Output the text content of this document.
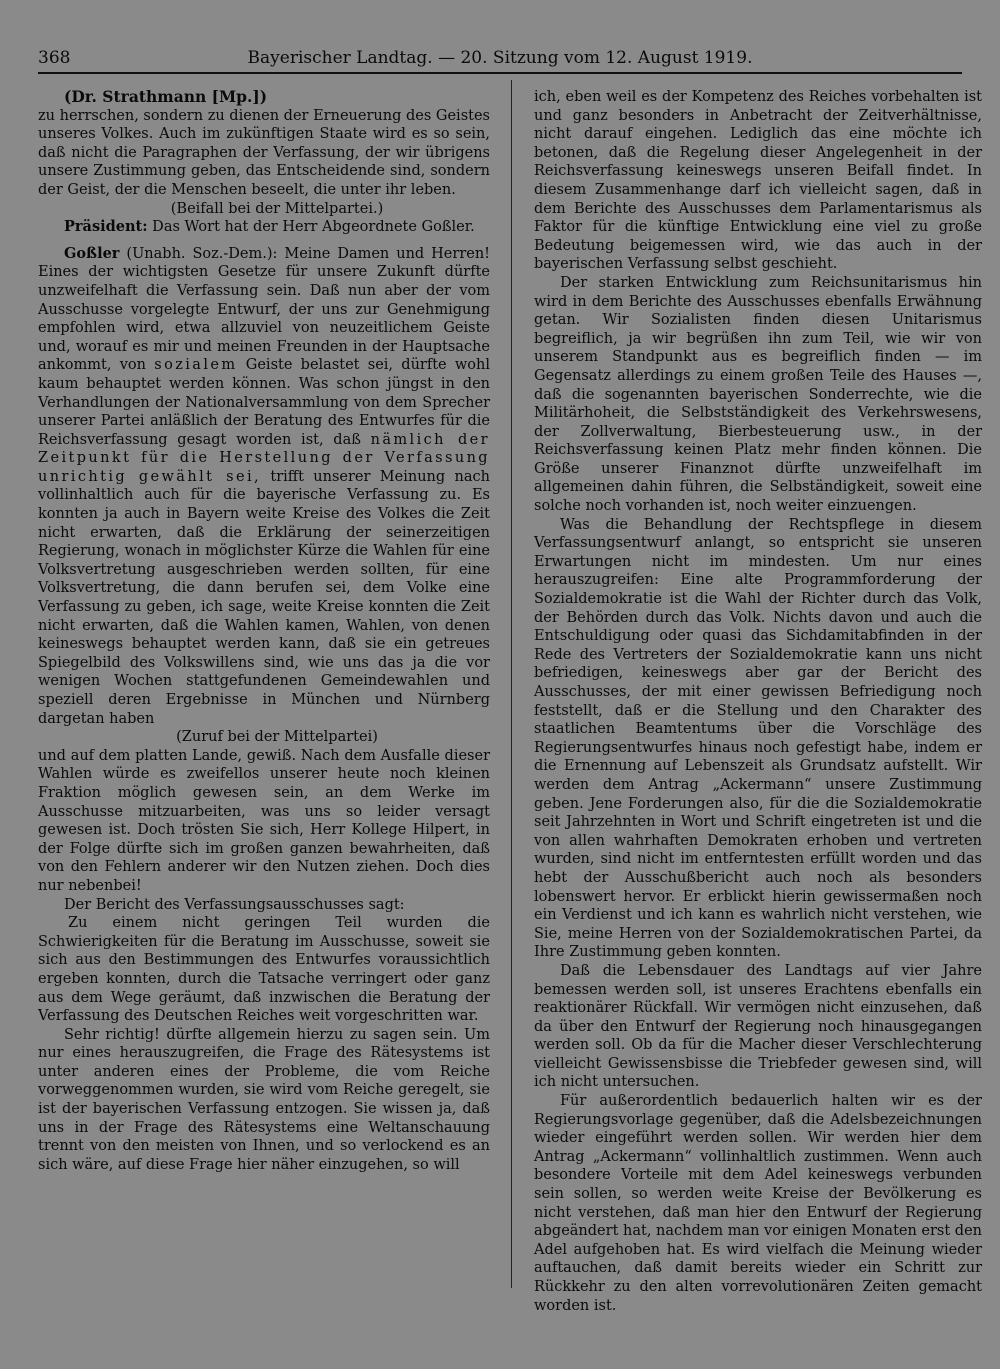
368	Bayerischer Landtag. — 20. Sitzung vom 12. August 1919.

(Dr. Strathmann [Mp.])

zu herrschen, sondern zu dienen der Erneuerung des Geistes unseres Volkes. Auch im zukünftigen Staate wird es so sein, daß nicht die Paragraphen der Verfassung, der wir übrigens unsere Zustimmung geben, das Entscheidende sind, sondern der Geist, der die Menschen beseelt, die unter ihr leben.

(Beifall bei der Mittelpartei.)

Präsident: Das Wort hat der Herr Abgeordnete Goßler.

Goßler (Unabh. Soz.-Dem.): Meine Damen und Herren! Eines der wichtigsten Gesetze für unsere Zukunft dürfte unzweifelhaft die Verfassung sein. Daß nun aber der vom Ausschusse vorgelegte Entwurf, der uns zur Genehmigung empfohlen wird, etwa allzuviel von neuzeitlichem Geiste und, worauf es mir und meinen Freunden in der Hauptsache ankommt, von sozialem Geiste belastet sei, dürfte wohl kaum behauptet werden können. Was schon jüngst in den Verhandlungen der Nationalversammlung von dem Sprecher unserer Partei anläßlich der Beratung des Entwurfes für die Reichsverfassung gesagt worden ist, daß nämlich der Zeitpunkt für die Herstellung der Verfassung unrichtig gewählt sei, trifft unserer Meinung nach vollinhaltlich auch für die bayerische Verfassung zu. Es konnten ja auch in Bayern weite Kreise des Volkes die Zeit nicht erwarten, daß die Erklärung der seinerzeitigen Regierung, wonach in möglichster Kürze die Wahlen für eine Volksvertretung ausgeschrieben werden sollten, für eine Volksvertretung, die dann berufen sei, dem Volke eine Verfassung zu geben, ich sage, weite Kreise konnten die Zeit nicht erwarten, daß die Wahlen kamen, Wahlen, von denen keineswegs behauptet werden kann, daß sie ein getreues Spiegelbild des Volkswillens sind, wie uns das ja die vor wenigen Wochen stattgefundenen Gemeindewahlen und speziell deren Ergebnisse in München und Nürnberg dargetan haben

(Zuruf bei der Mittelpartei)

und auf dem platten Lande, gewiß. Nach dem Ausfalle dieser Wahlen würde es zweifellos unserer heute noch kleinen Fraktion möglich gewesen sein, an dem Werke im Ausschusse mitzuarbeiten, was uns so leider versagt gewesen ist. Doch trösten Sie sich, Herr Kollege Hilpert, in der Folge dürfte sich im großen ganzen bewahrheiten, daß von den Fehlern anderer wir den Nutzen ziehen. Doch dies nur nebenbei!

Der Bericht des Verfassungsausschusses sagt:

Zu einem nicht geringen Teil wurden die Schwierigkeiten für die Beratung im Ausschusse, soweit sie sich aus den Bestimmungen des Entwurfes voraussichtlich ergeben konnten, durch die Tatsache verringert oder ganz aus dem Wege geräumt, daß inzwischen die Beratung der Verfassung des Deutschen Reiches weit vorgeschritten war.

Sehr richtig! dürfte allgemein hierzu zu sagen sein. Um nur eines herauszugreifen, die Frage des Rätesystems ist unter anderen eines der Probleme, die vom Reiche vorweggenommen wurden, sie wird vom Reiche geregelt, sie ist der bayerischen Verfassung entzogen. Sie wissen ja, daß uns in der Frage des Rätesystems eine Weltanschauung trennt von den meisten von Ihnen, und so verlockend es an sich wäre, auf diese Frage hier näher einzugehen, so will

ich, eben weil es der Kompetenz des Reiches vorbehalten ist und ganz besonders in Anbetracht der Zeitverhältnisse, nicht darauf eingehen. Lediglich das eine möchte ich betonen, daß die Regelung dieser Angelegenheit in der Reichsverfassung keineswegs unseren Beifall findet. In diesem Zusammenhange darf ich vielleicht sagen, daß in dem Berichte des Ausschusses dem Parlamentarismus als Faktor für die künftige Entwicklung eine viel zu große Bedeutung beigemessen wird, wie das auch in der bayerischen Verfassung selbst geschieht.

Der starken Entwicklung zum Reichsunitarismus hin wird in dem Berichte des Ausschusses ebenfalls Erwähnung getan. Wir Sozialisten finden diesen Unitarismus begreiflich, ja wir begrüßen ihn zum Teil, wie wir von unserem Standpunkt aus es begreiflich finden — im Gegensatz allerdings zu einem großen Teile des Hauses —, daß die sogenannten bayerischen Sonderrechte, wie die Militärhoheit, die Selbstständigkeit des Verkehrswesens, der Zollverwaltung, Bierbesteuerung usw., in der Reichsverfassung keinen Platz mehr finden können. Die Größe unserer Finanznot dürfte unzweifelhaft im allgemeinen dahin führen, die Selbständigkeit, soweit eine solche noch vorhanden ist, noch weiter einzuengen.

Was die Behandlung der Rechtspflege in diesem Verfassungsentwurf anlangt, so entspricht sie unseren Erwartungen nicht im mindesten. Um nur eines herauszugreifen: Eine alte Programmforderung der Sozialdemokratie ist die Wahl der Richter durch das Volk, der Behörden durch das Volk. Nichts davon und auch die Entschuldigung oder quasi das Sichdamitabfinden in der Rede des Vertreters der Sozialdemokratie kann uns nicht befriedigen, keineswegs aber gar der Bericht des Ausschusses, der mit einer gewissen Befriedigung noch feststellt, daß er die Stellung und den Charakter des staatlichen Beamtentums über die Vorschläge des Regierungsentwurfes hinaus noch gefestigt habe, indem er die Ernennung auf Lebenszeit als Grundsatz aufstellt. Wir werden dem Antrag „Ackermann“ unsere Zustimmung geben. Jene Forderungen also, für die die Sozialdemokratie seit Jahrzehnten in Wort und Schrift eingetreten ist und die von allen wahrhaften Demokraten erhoben und vertreten wurden, sind nicht im entferntesten erfüllt worden und das hebt der Ausschußbericht auch noch als besonders lobenswert hervor. Er erblickt hierin gewissermaßen noch ein Verdienst und ich kann es wahrlich nicht verstehen, wie Sie, meine Herren von der Sozialdemokratischen Partei, da Ihre Zustimmung geben konnten.

Daß die Lebensdauer des Landtags auf vier Jahre bemessen werden soll, ist unseres Erachtens ebenfalls ein reaktionärer Rückfall. Wir vermögen nicht einzusehen, daß da über den Entwurf der Regierung noch hinausgegangen werden soll. Ob da für die Macher dieser Verschlechterung vielleicht Gewissensbisse die Triebfeder gewesen sind, will ich nicht untersuchen.

Für außerordentlich bedauerlich halten wir es der Regierungsvorlage gegenüber, daß die Adelsbezeichnungen wieder eingeführt werden sollen. Wir werden hier dem Antrag „Ackermann“ vollinhaltlich zustimmen. Wenn auch besondere Vorteile mit dem Adel keineswegs verbunden sein sollen, so werden weite Kreise der Bevölkerung es nicht verstehen, daß man hier den Entwurf der Regierung abgeändert hat, nachdem man vor einigen Monaten erst den Adel aufgehoben hat. Es wird vielfach die Meinung wieder auftauchen, daß damit bereits wieder ein Schritt zur Rückkehr zu den alten vorrevolutionären Zeiten gemacht worden ist.
